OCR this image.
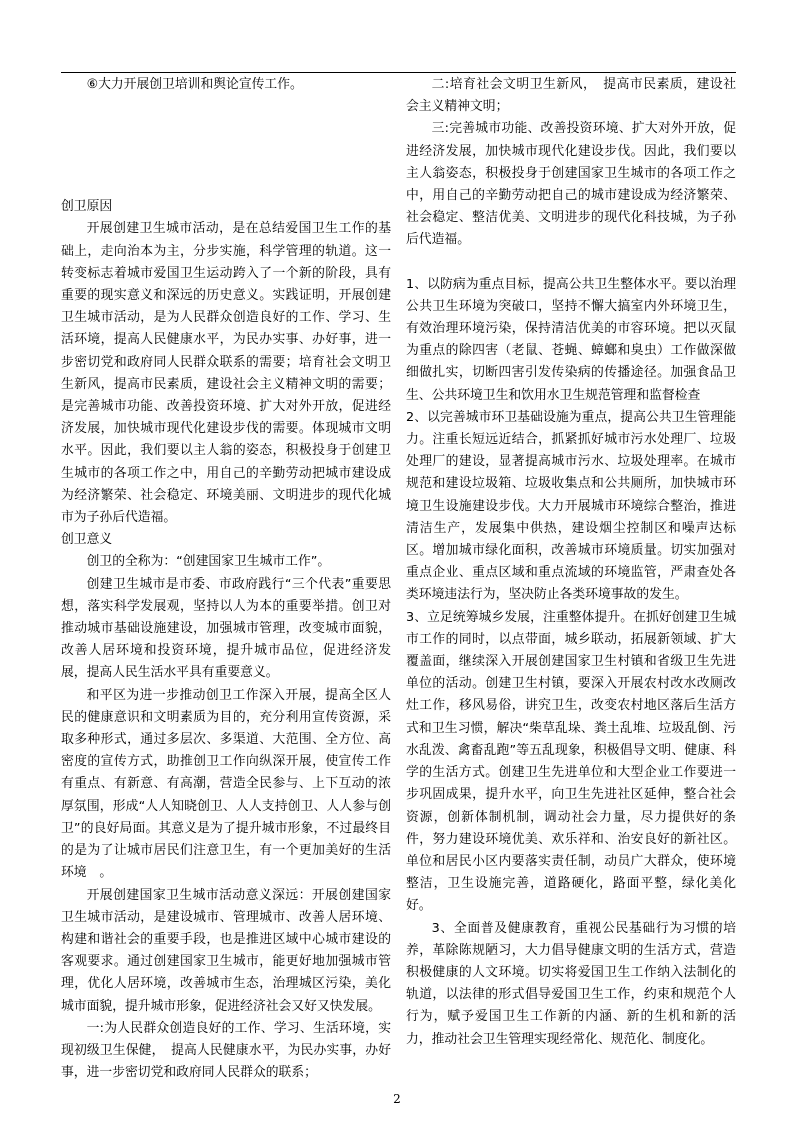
⑥大力开展创卫培训和舆论宣传工作。

创卫原因

开展创建卫生城市活动，是在总结爱国卫生工作的基础上，走向治本为主，分步实施，科学管理的轨道。这一转变标志着城市爱国卫生运动跨入了一个新的阶段，具有重要的现实意义和深远的历史意义。实践证明，开展创建卫生城市活动，是为人民群众创造良好的工作、学习、生活环境，提高人民健康水平，为民办实事、办好事，进一步密切党和政府同人民群众联系的需要；培育社会文明卫生新风，提高市民素质，建设社会主义精神文明的需要；是完善城市功能、改善投资环境、扩大对外开放，促进经济发展，加快城市现代化建设步伐的需要。体现城市文明水平。因此，我们要以主人翁的姿态，积极投身于创建卫生城市的各项工作之中，用自己的辛勤劳动把城市建设成为经济繁荣、社会稳定、环境美丽、文明进步的现代化城市为子孙后代造福。

创卫意义

创卫的全称为：“创建国家卫生城市工作”。

创建卫生城市是市委、市政府践行“三个代表”重要思想，落实科学发展观，坚持以人为本的重要举措。创卫对推动城市基础设施建设，加强城市管理，改变城市面貌，改善人居环境和投资环境，提升城市品位，促进经济发展，提高人民生活水平具有重要意义。

和平区为进一步推动创卫工作深入开展，提高全区人民的健康意识和文明素质为目的，充分利用宣传资源，采取多种形式，通过多层次、多渠道、大范围、全方位、高密度的宣传方式，助推创卫工作向纵深开展，使宣传工作有重点、有新意、有高潮，营造全民参与、上下互动的浓厚氛围，形成“人人知晓创卫、人人支持创卫、人人参与创卫”的良好局面。其意义是为了提升城市形象，不过最终目的是为了让城市居民们注意卫生，有一个更加美好的生活环境　。

开展创建国家卫生城市活动意义深远：开展创建国家卫生城市活动，是建设城市、管理城市、改善人居环境、构建和谐社会的重要手段，也是推进区域中心城市建设的客观要求。通过创建国家卫生城市，能更好地加强城市管理，优化人居环境，改善城市生态，治理城区污染，美化城市面貌，提升城市形象，促进经济社会又好又快发展。

一:为人民群众创造良好的工作、学习、生活环境，实现初级卫生保健，　提高人民健康水平，为民办实事，办好事，进一步密切党和政府同人民群众的联系；

二:培育社会文明卫生新风，　提高市民素质，建设社会主义精神文明；

三:完善城市功能、改善投资环境、扩大对外开放，促进经济发展，加快城市现代化建设步伐。因此，我们要以主人翁姿态，积极投身于创建国家卫生城市的各项工作之中，用自己的辛勤劳动把自己的城市建设成为经济繁荣、社会稳定、整洁优美、文明进步的现代化科技城，为子孙后代造福。

1、以防病为重点目标，提高公共卫生整体水平。要以治理公共卫生环境为突破口，坚持不懈大搞室内外环境卫生，有效治理环境污染，保持清洁优美的市容环境。把以灭鼠为重点的除四害（老鼠、苍蝇、蟑螂和臭虫）工作做深做细做扎实，切断四害引发传染病的传播途径。加强食品卫生、公共环境卫生和饮用水卫生规范管理和监督检查

2、以完善城市环卫基础设施为重点，提高公共卫生管理能力。注重长短远近结合，抓紧抓好城市污水处理厂、垃圾处理厂的建设，显著提高城市污水、垃圾处理率。在城市规范和建设垃圾箱、垃圾收集点和公共厕所，加快城市环境卫生设施建设步伐。大力开展城市环境综合整治，推进清洁生产，发展集中供热，建设烟尘控制区和噪声达标区。增加城市绿化面积，改善城市环境质量。切实加强对重点企业、重点区域和重点流域的环境监管，严肃查处各类环境违法行为，坚决防止各类环境事故的发生。

3、立足统筹城乡发展，注重整体提升。在抓好创建卫生城市工作的同时，以点带面，城乡联动，拓展新领域、扩大覆盖面，继续深入开展创建国家卫生村镇和省级卫生先进单位的活动。创建卫生村镇，要深入开展农村改水改厕改灶工作，移风易俗，讲究卫生，改变农村地区落后生活方式和卫生习惯，解决“柴草乱垛、粪土乱堆、垃圾乱倒、污水乱泼、禽畜乱跑”等五乱现象，积极倡导文明、健康、科学的生活方式。创建卫生先进单位和大型企业工作要进一步巩固成果，提升水平，向卫生先进社区延伸，整合社会资源，创新体制机制，调动社会力量，尽力提供好的条件，努力建设环境优美、欢乐祥和、治安良好的新社区。单位和居民小区内要落实责任制，动员广大群众，使环境整洁，卫生设施完善，道路硬化，路面平整，绿化美化好。

3、全面普及健康教育，重视公民基础行为习惯的培养，革除陈规陋习，大力倡导健康文明的生活方式，营造积极健康的人文环境。切实将爱国卫生工作纳入法制化的轨道，以法律的形式倡导爱国卫生工作，约束和规范个人行为，赋予爱国卫生工作新的内涵、新的生机和新的活力，推动社会卫生管理实现经常化、规范化、制度化。

2
